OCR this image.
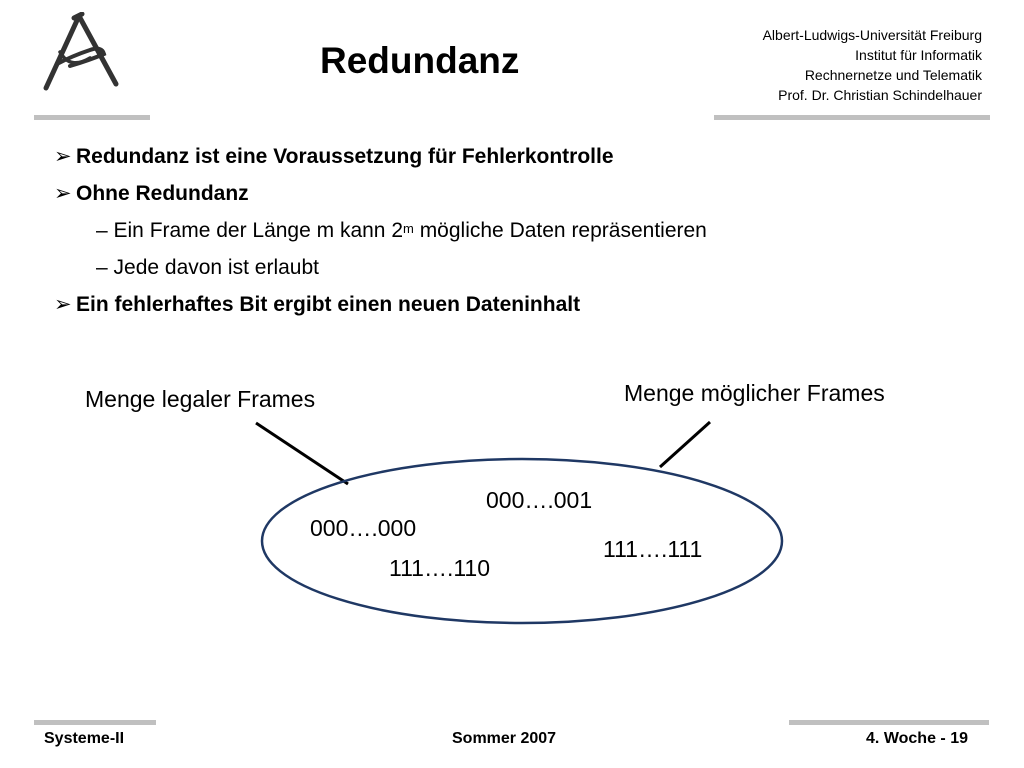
Redundanz
Albert-Ludwigs-Universität Freiburg
Institut für Informatik
Rechnernetze und Telematik
Prof. Dr. Christian Schindelhauer
➢ Redundanz ist eine Voraussetzung für Fehlerkontrolle
➢ Ohne Redundanz
– Ein Frame der Länge m kann 2$^m$ mögliche Daten repräsentieren
– Jede davon ist erlaubt
➢ Ein fehlerhaftes Bit ergibt einen neuen Dateninhalt
Menge legaler Frames	Menge möglicher Frames
000….001
000….000
111….111
111….110
Systeme-II	Sommer 2007	4. Woche - 19
